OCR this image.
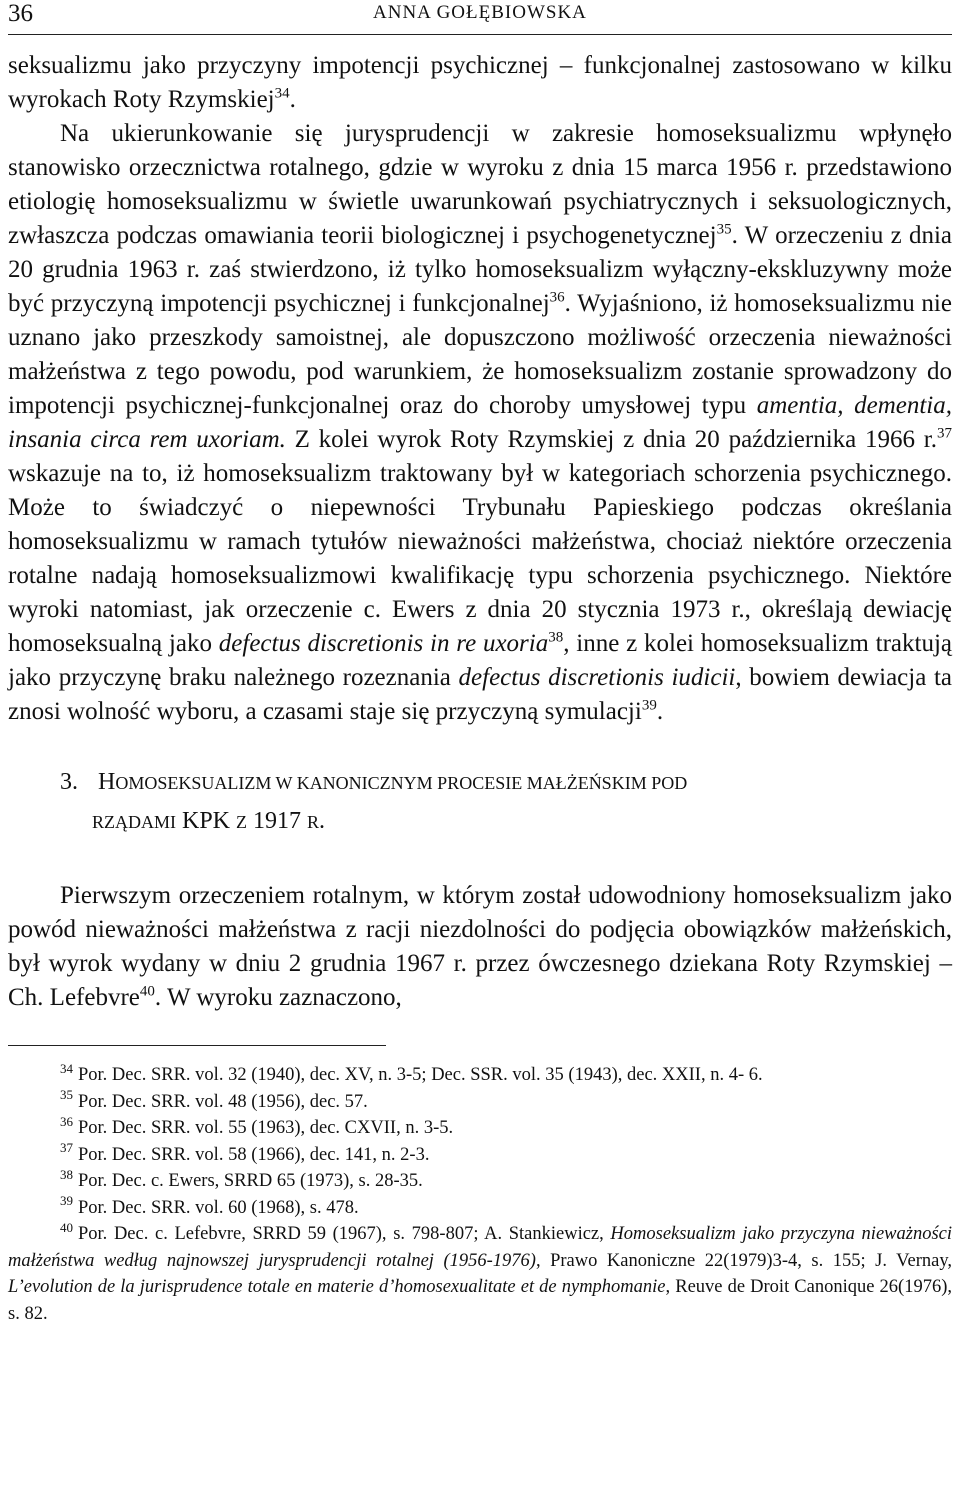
36	ANNA GOŁĘBIOWSKA

seksualizmu jako przyczyny impotencji psychicznej – funkcjonalnej zastosowano w kilku wyrokach Roty Rzymskiej$^{34}$.

Na ukierunkowanie się jurysprudencji w zakresie homoseksualizmu wpłynęło stanowisko orzecznictwa rotalnego, gdzie w wyroku z dnia 15 marca 1956 r. przedstawiono etiologię homoseksualizmu w świetle uwarunkowań psychiatrycznych i seksuologicznych, zwłaszcza podczas omawiania teorii biologicznej i psychogenetycznej$^{35}$. W orzeczeniu z dnia 20 grudnia 1963 r. zaś stwierdzono, iż tylko homoseksualizm wyłączny-ekskluzywny może być przyczyną impotencji psychicznej i funkcjonalnej$^{36}$. Wyjaśniono, iż homoseksualizmu nie uznano jako przeszkody samoistnej, ale dopuszczono możliwość orzeczenia nieważności małżeństwa z tego powodu, pod warunkiem, że homoseksualizm zostanie sprowadzony do impotencji psychicznej-funkcjonalnej oraz do choroby umysłowej typu amentia, dementia, insania circa rem uxoriam. Z kolei wyrok Roty Rzymskiej z dnia 20 października 1966 r.$^{37}$ wskazuje na to, iż homoseksualizm traktowany był w kategoriach schorzenia psychicznego. Może to świadczyć o niepewności Trybunału Papieskiego podczas określania homoseksualizmu w ramach tytułów nieważności małżeństwa, chociaż niektóre orzeczenia rotalne nadają homoseksualizmowi kwalifikację typu schorzenia psychicznego. Niektóre wyroki natomiast, jak orzeczenie c. Ewers z dnia 20 stycznia 1973 r., określają dewiację homoseksualną jako defectus discretionis in re uxoria$^{38}$, inne z kolei homoseksualizm traktują jako przyczynę braku należnego rozeznania defectus discretionis iudicii, bowiem dewiacja ta znosi wolność wyboru, a czasami staje się przyczyną symulacji$^{39}$.

3. HOMOSEKSUALIZM W KANONICZNYM PROCESIE MAŁŻEŃSKIM POD
RZĄDAMI KPK Z 1917 R.

Pierwszym orzeczeniem rotalnym, w którym został udowodniony homoseksualizm jako powód nieważności małżeństwa z racji niezdolności do podjęcia obowiązków małżeńskich, był wyrok wydany w dniu 2 grudnia 1967 r. przez ówczesnego dziekana Roty Rzymskiej – Ch. Lefebvre$^{40}$. W wyroku zaznaczono,

$^{34}$ Por. Dec. SRR. vol. 32 (1940), dec. XV, n. 3-5; Dec. SSR. vol. 35 (1943), dec. XXII, n. 4- 6.

$^{35}$ Por. Dec. SRR. vol. 48 (1956), dec. 57.

$^{36}$ Por. Dec. SRR. vol. 55 (1963), dec. CXVII, n. 3-5.

$^{37}$ Por. Dec. SRR. vol. 58 (1966), dec. 141, n. 2-3.

$^{38}$ Por. Dec. c. Ewers, SRRD 65 (1973), s. 28-35.

$^{39}$ Por. Dec. SRR. vol. 60 (1968), s. 478.

$^{40}$ Por. Dec. c. Lefebvre, SRRD 59 (1967), s. 798-807; A. Stankiewicz, Homoseksualizm jako przyczyna nieważności małżeństwa według najnowszej jurysprudencji rotalnej (1956-1976), Prawo Kanoniczne 22(1979)3-4, s. 155; J. Vernay, L’evolution de la jurisprudence totale en materie d’homosexualitate et de nymphomanie, Reuve de Droit Canonique 26(1976), s. 82.
